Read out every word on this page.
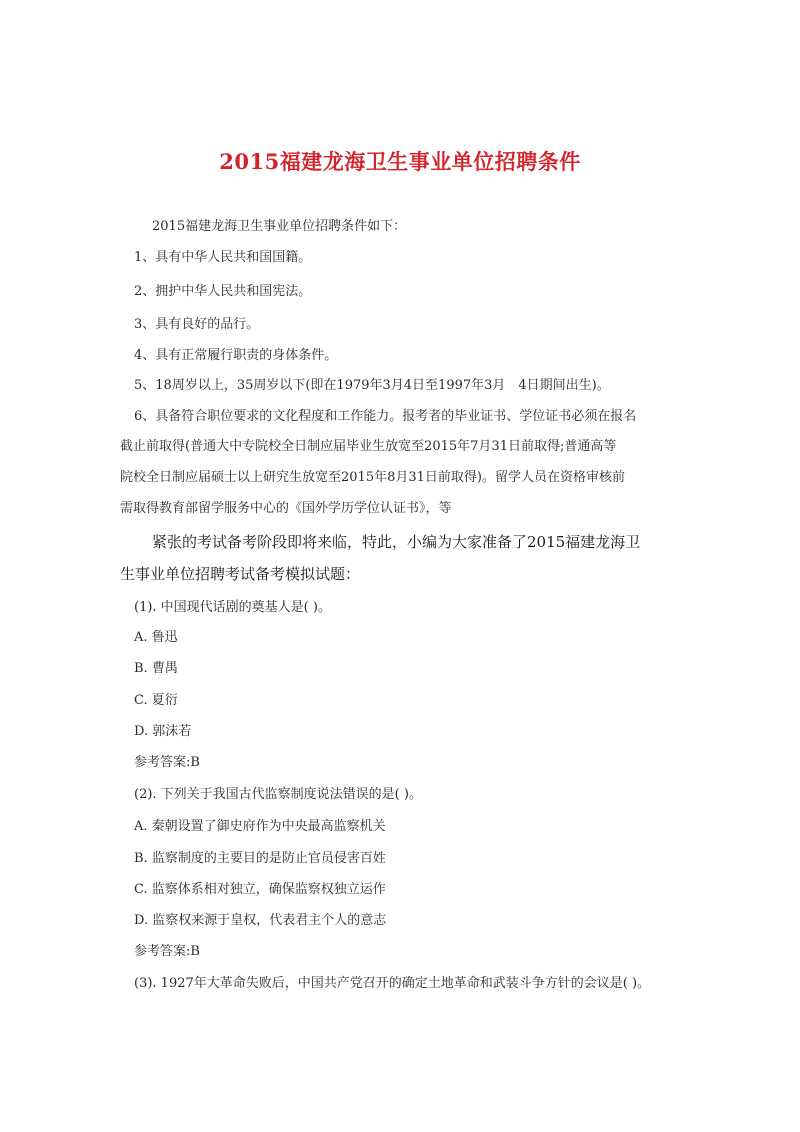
2015福建龙海卫生事业单位招聘条件
2015福建龙海卫生事业单位招聘条件如下：
1、具有中华人民共和国国籍。
2、拥护中华人民共和国宪法。
3、具有良好的品行。
4、具有正常履行职责的身体条件。
5、18周岁以上，35周岁以下(即在1979年3月4日至1997年3月　4日期间出生)。
6、具备符合职位要求的文化程度和工作能力。报考者的毕业证书、学位证书必须在报名
截止前取得(普通大中专院校全日制应届毕业生放宽至2015年7月31日前取得;普通高等
院校全日制应届硕士以上研究生放宽至2015年8月31日前取得)。留学人员在资格审核前
需取得教育部留学服务中心的《国外学历学位认证书》，等
紧张的考试备考阶段即将来临，特此，小编为大家准备了2015福建龙海卫
生事业单位招聘考试备考模拟试题：
(1). 中国现代话剧的奠基人是( )。
A. 鲁迅
B. 曹禺
C. 夏衍
D. 郭沫若
参考答案:B
(2). 下列关于我国古代监察制度说法错误的是( )。
A. 秦朝设置了御史府作为中央最高监察机关
B. 监察制度的主要目的是防止官员侵害百姓
C. 监察体系相对独立，确保监察权独立运作
D. 监察权来源于皇权，代表君主个人的意志
参考答案:B
(3). 1927年大革命失败后，中国共产党召开的确定土地革命和武装斗争方针的会议是( )。
